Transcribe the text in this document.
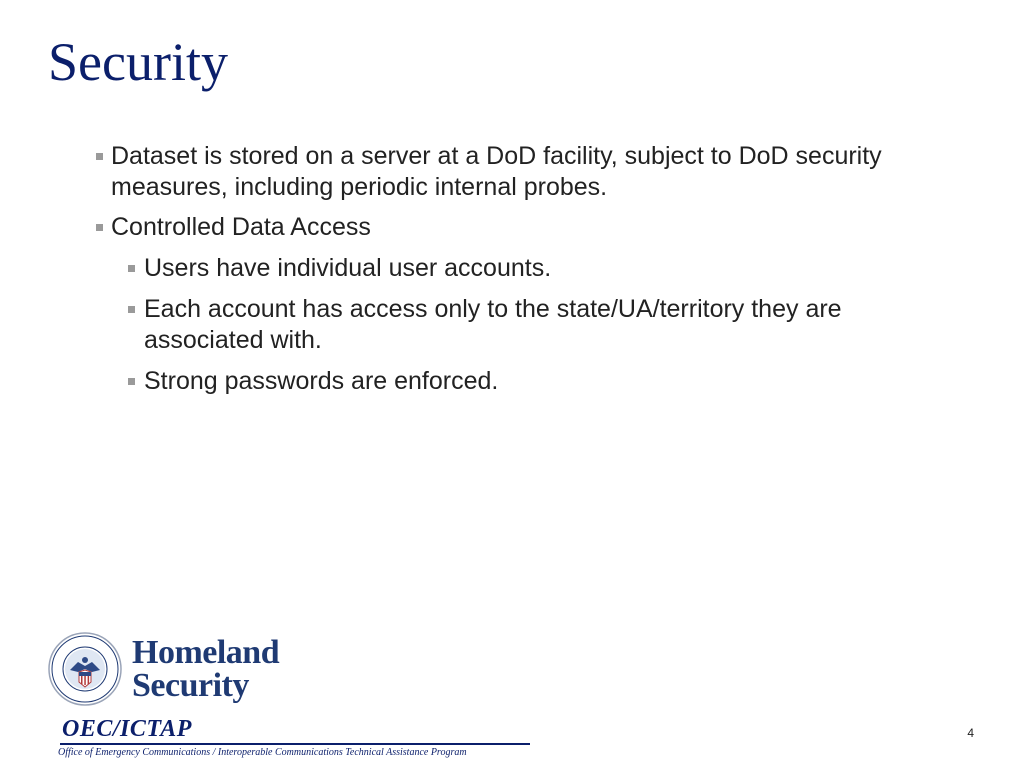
Security
Dataset is stored on a server at a DoD facility, subject to DoD security measures, including periodic internal probes.
Controlled Data Access
Users have individual user accounts.
Each account has access only to the state/UA/territory they are associated with.
Strong passwords are enforced.
Homeland
Security
OEC/ICTAP
Office of Emergency Communications / Interoperable Communications Technical Assistance Program
4
